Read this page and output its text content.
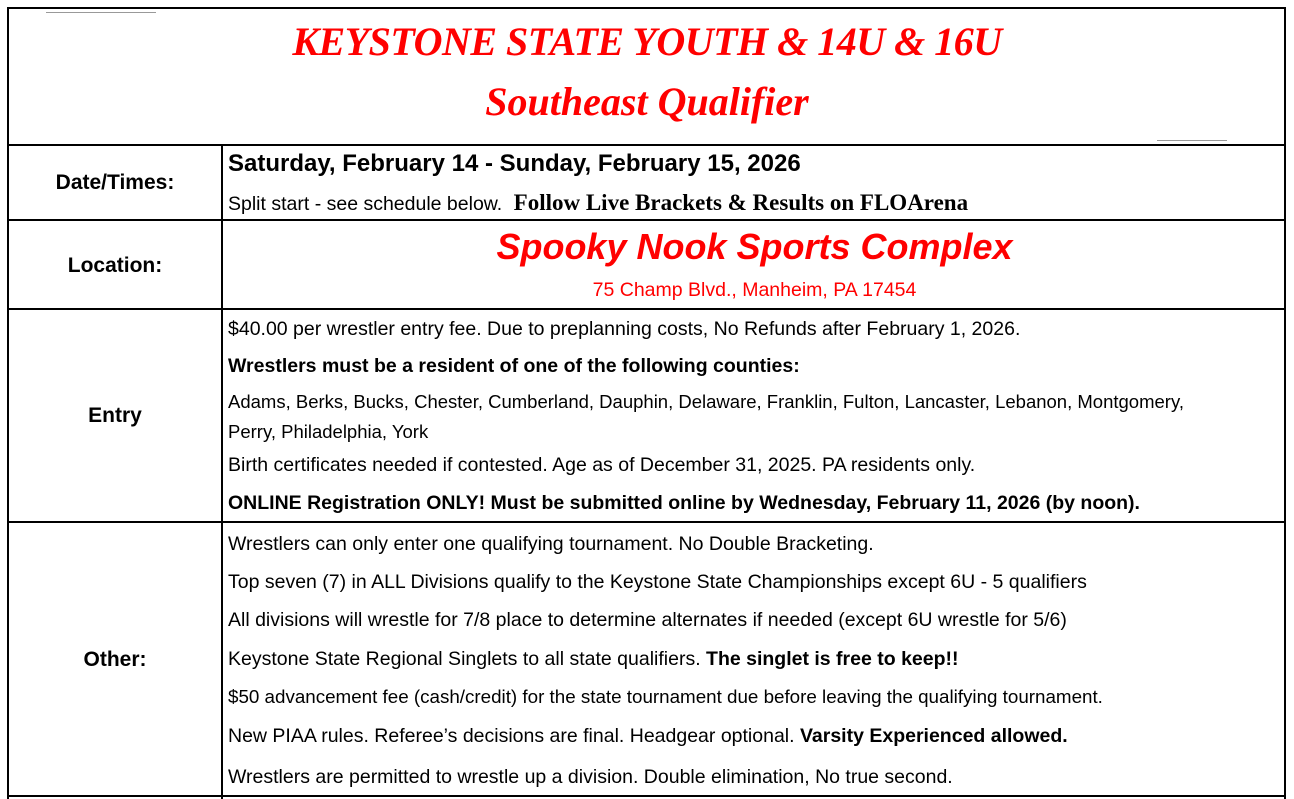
KEYSTONE STATE YOUTH & 14U & 16U
Southeast Qualifier
Date/Times:
Saturday, February 14 - Sunday, February 15, 2026
Split start - see schedule below. Follow Live Brackets & Results on FLOArena
Location:	Spooky Nook Sports Complex
75 Champ Blvd., Manheim, PA 17454
Entry
$40.00 per wrestler entry fee. Due to preplanning costs, No Refunds after February 1, 2026.
Wrestlers must be a resident of one of the following counties:
Adams, Berks, Bucks, Chester, Cumberland, Dauphin, Delaware, Franklin, Fulton, Lancaster, Lebanon, Montgomery,
Perry, Philadelphia, York
Birth certificates needed if contested. Age as of December 31, 2025. PA residents only.
ONLINE Registration ONLY! Must be submitted online by Wednesday, February 11, 2026 (by noon).
Other:
Wrestlers can only enter one qualifying tournament. No Double Bracketing.
Top seven (7) in ALL Divisions qualify to the Keystone State Championships except 6U - 5 qualifiers
All divisions will wrestle for 7/8 place to determine alternates if needed (except 6U wrestle for 5/6)
Keystone State Regional Singlets to all state qualifiers. The singlet is free to keep!!
$50 advancement fee (cash/credit) for the state tournament due before leaving the qualifying tournament.
New PIAA rules. Referee’s decisions are final. Headgear optional. Varsity Experienced allowed.
Wrestlers are permitted to wrestle up a division. Double elimination, No true second.
